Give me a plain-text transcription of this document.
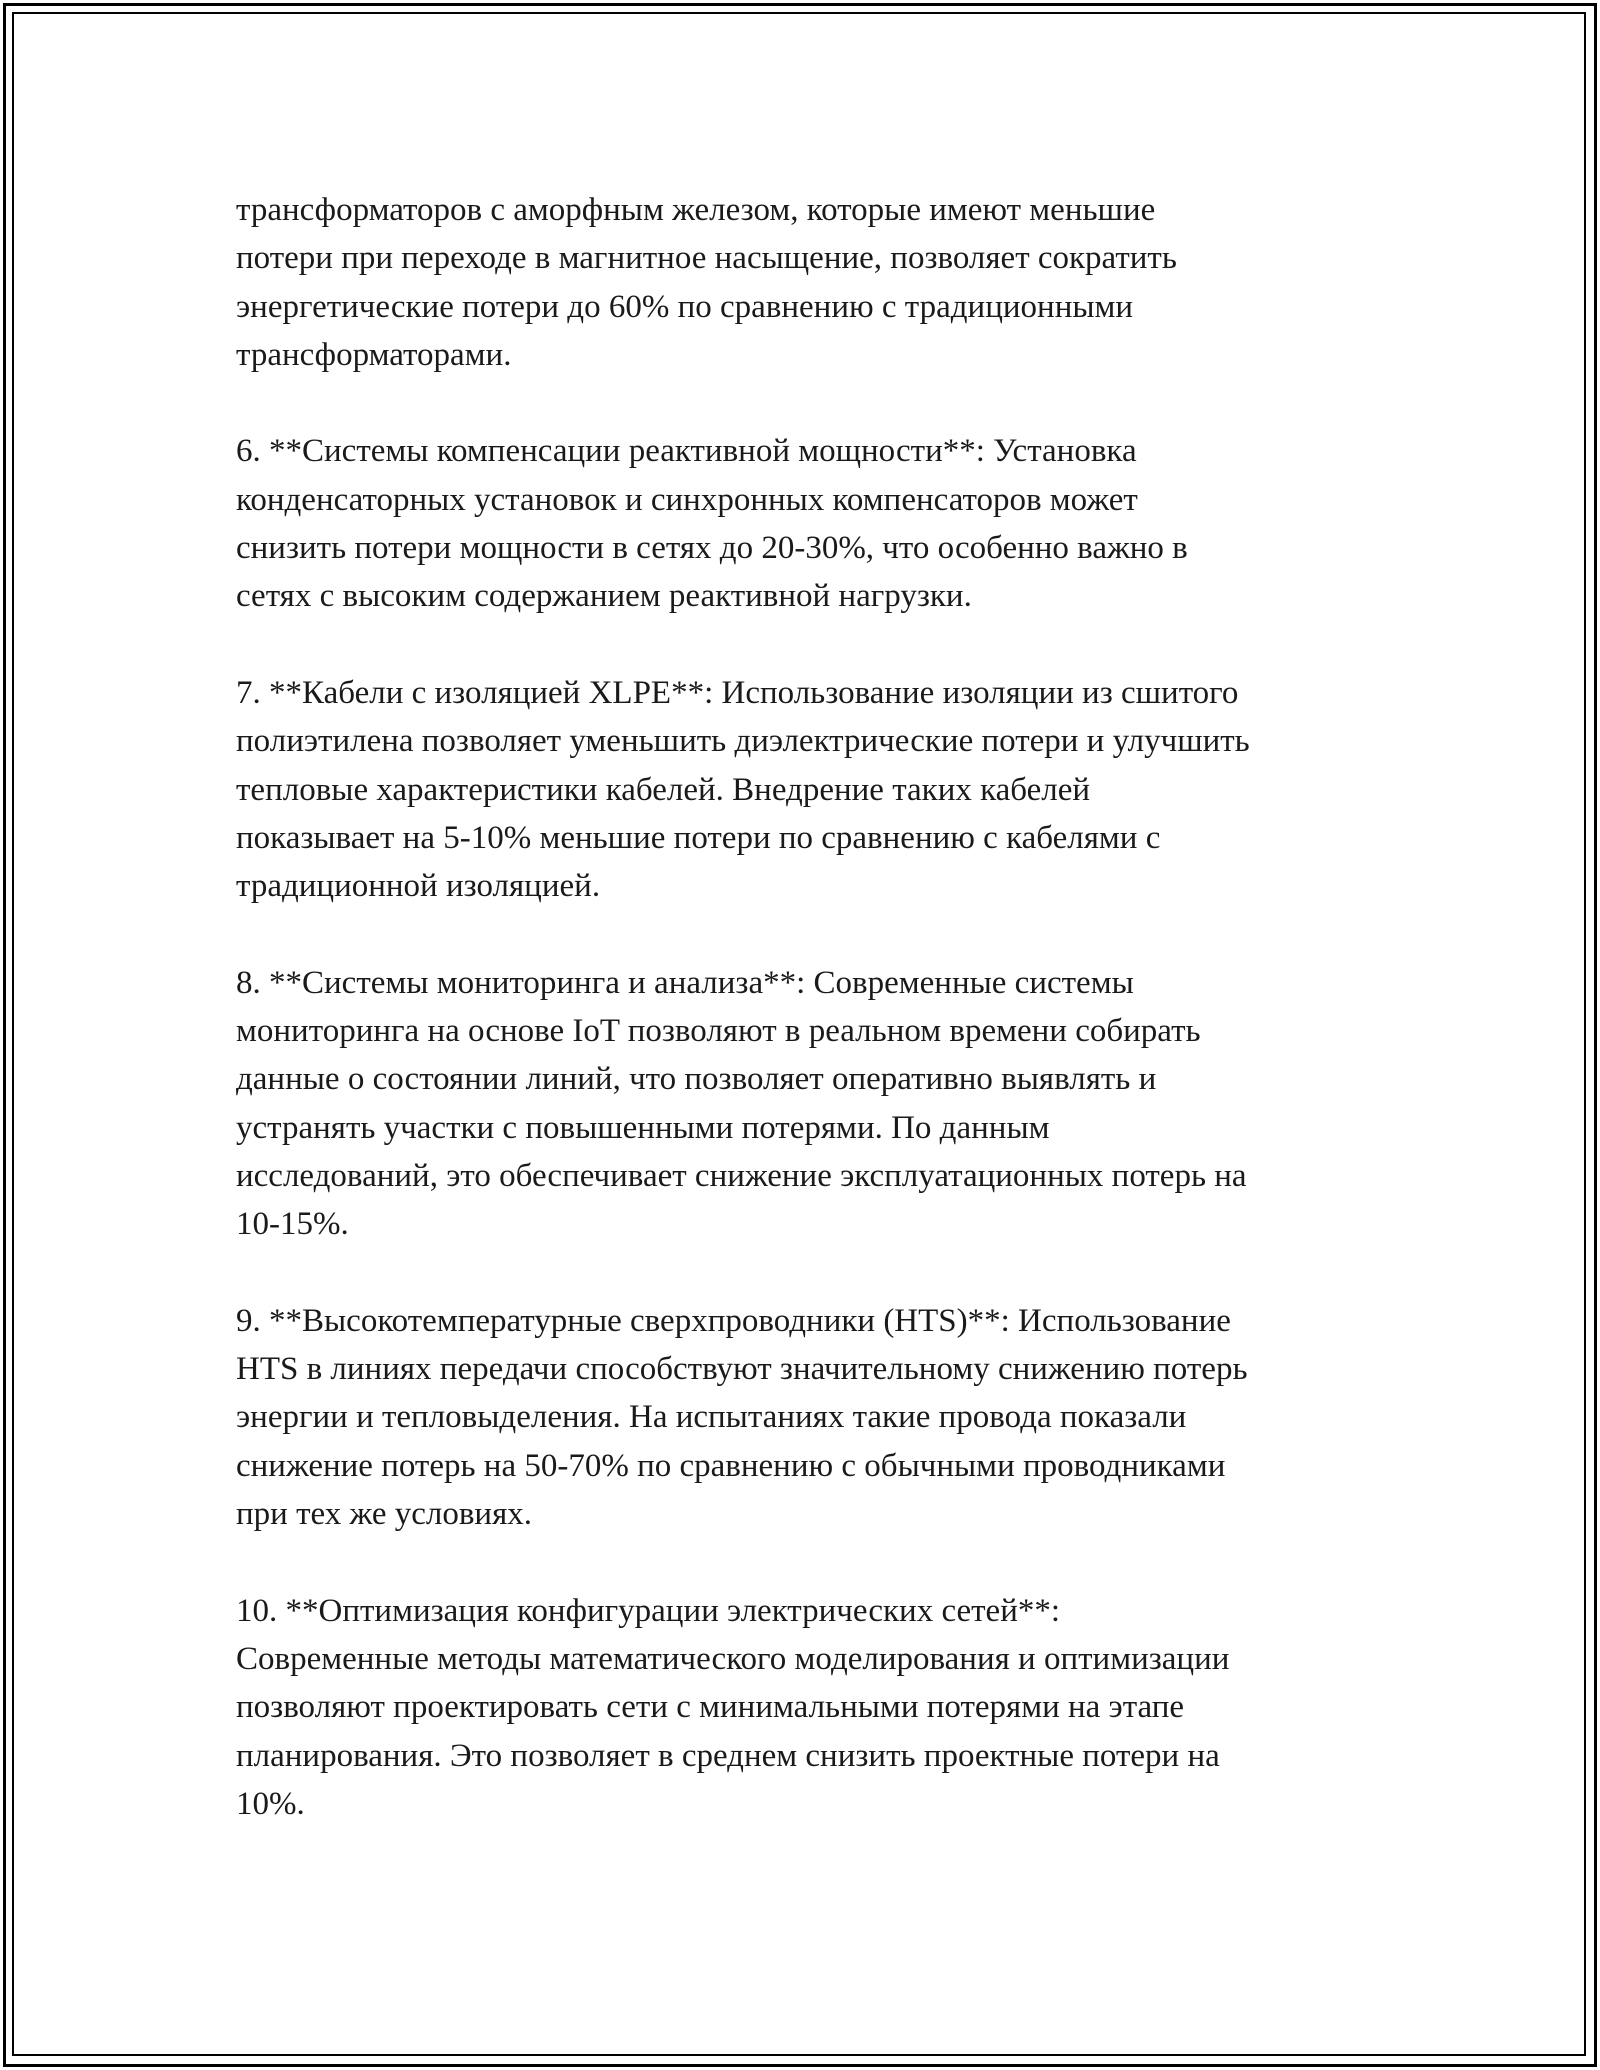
трансформаторов с аморфным железом, которые имеют меньшие
потери при переходе в магнитное насыщение, позволяет сократить
энергетические потери до 60% по сравнению с традиционными
трансформаторами.

6. **Системы компенсации реактивной мощности**: Установка
конденсаторных установок и синхронных компенсаторов может
снизить потери мощности в сетях до 20-30%, что особенно важно в
сетях с высоким содержанием реактивной нагрузки.

7. **Кабели с изоляцией XLPE**: Использование изоляции из сшитого
полиэтилена позволяет уменьшить диэлектрические потери и улучшить
тепловые характеристики кабелей. Внедрение таких кабелей
показывает на 5-10% меньшие потери по сравнению с кабелями с
традиционной изоляцией.

8. **Системы мониторинга и анализа**: Современные системы
мониторинга на основе IoT позволяют в реальном времени собирать
данные о состоянии линий, что позволяет оперативно выявлять и
устранять участки с повышенными потерями. По данным
исследований, это обеспечивает снижение эксплуатационных потерь на
10-15%.

9. **Высокотемпературные сверхпроводники (HTS)**: Использование
HTS в линиях передачи способствуют значительному снижению потерь
энергии и тепловыделения. На испытаниях такие провода показали
снижение потерь на 50-70% по сравнению с обычными проводниками
при тех же условиях.

10. **Оптимизация конфигурации электрических сетей**:
Современные методы математического моделирования и оптимизации
позволяют проектировать сети с минимальными потерями на этапе
планирования. Это позволяет в среднем снизить проектные потери на
10%.
